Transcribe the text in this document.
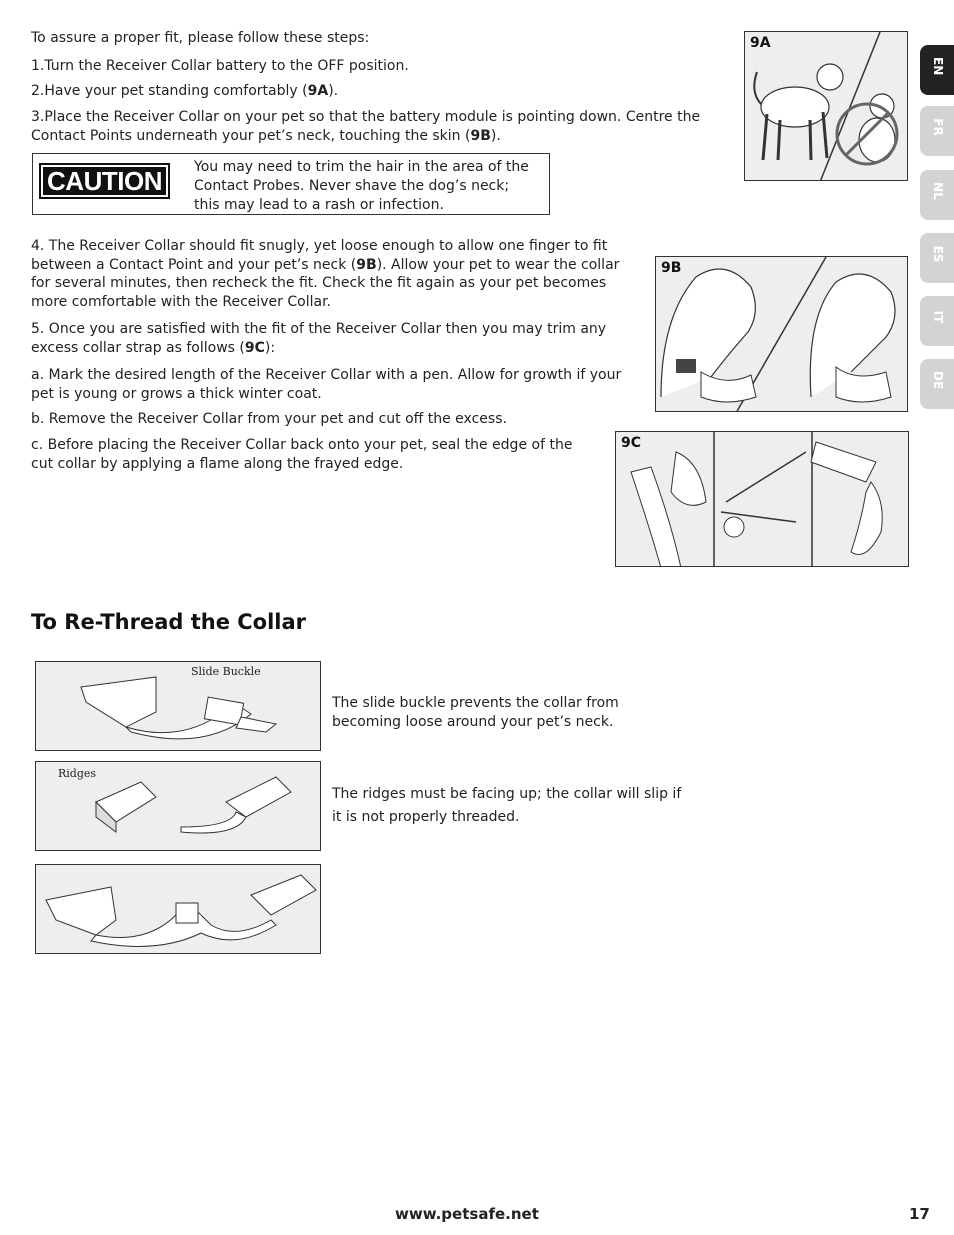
To assure a proper fit, please follow these steps:

1.Turn the Receiver Collar battery to the OFF position.

2.Have your pet standing comfortably (9A).

3.Place the Receiver Collar on your pet so that the battery module is pointing down. Centre the Contact Points underneath your pet’s neck, touching the skin (9B).

CAUTION	You may need to trim the hair in the area of the Contact Probes. Never shave the dog’s neck; this may lead to a rash or infection.

4. The Receiver Collar should fit snugly, yet loose enough to allow one finger to fit between a Contact Point and your pet’s neck (9B). Allow your pet to wear the collar for several minutes, then recheck the fit. Check the fit again as your pet becomes more comfortable with the Receiver Collar.

5. Once you are satisfied with the fit of the Receiver Collar then you may trim any excess collar strap as follows (9C):

a. Mark the desired length of the Receiver Collar with a pen. Allow for growth if your pet is young or grows a thick winter coat.

b. Remove the Receiver Collar from your pet and cut off the excess.

c. Before placing the Receiver Collar back onto your pet, seal the edge of the cut collar by applying a flame along the frayed edge.

9A
9B
9C
To Re-Thread the Collar
Slide Buckle

The slide buckle prevents the collar from becoming loose around your pet’s neck.

Ridges

The ridges must be facing up; the collar will slip if it is not properly threaded.

EN
FR
NL
ES
IT
DE

www.petsafe.net	17
